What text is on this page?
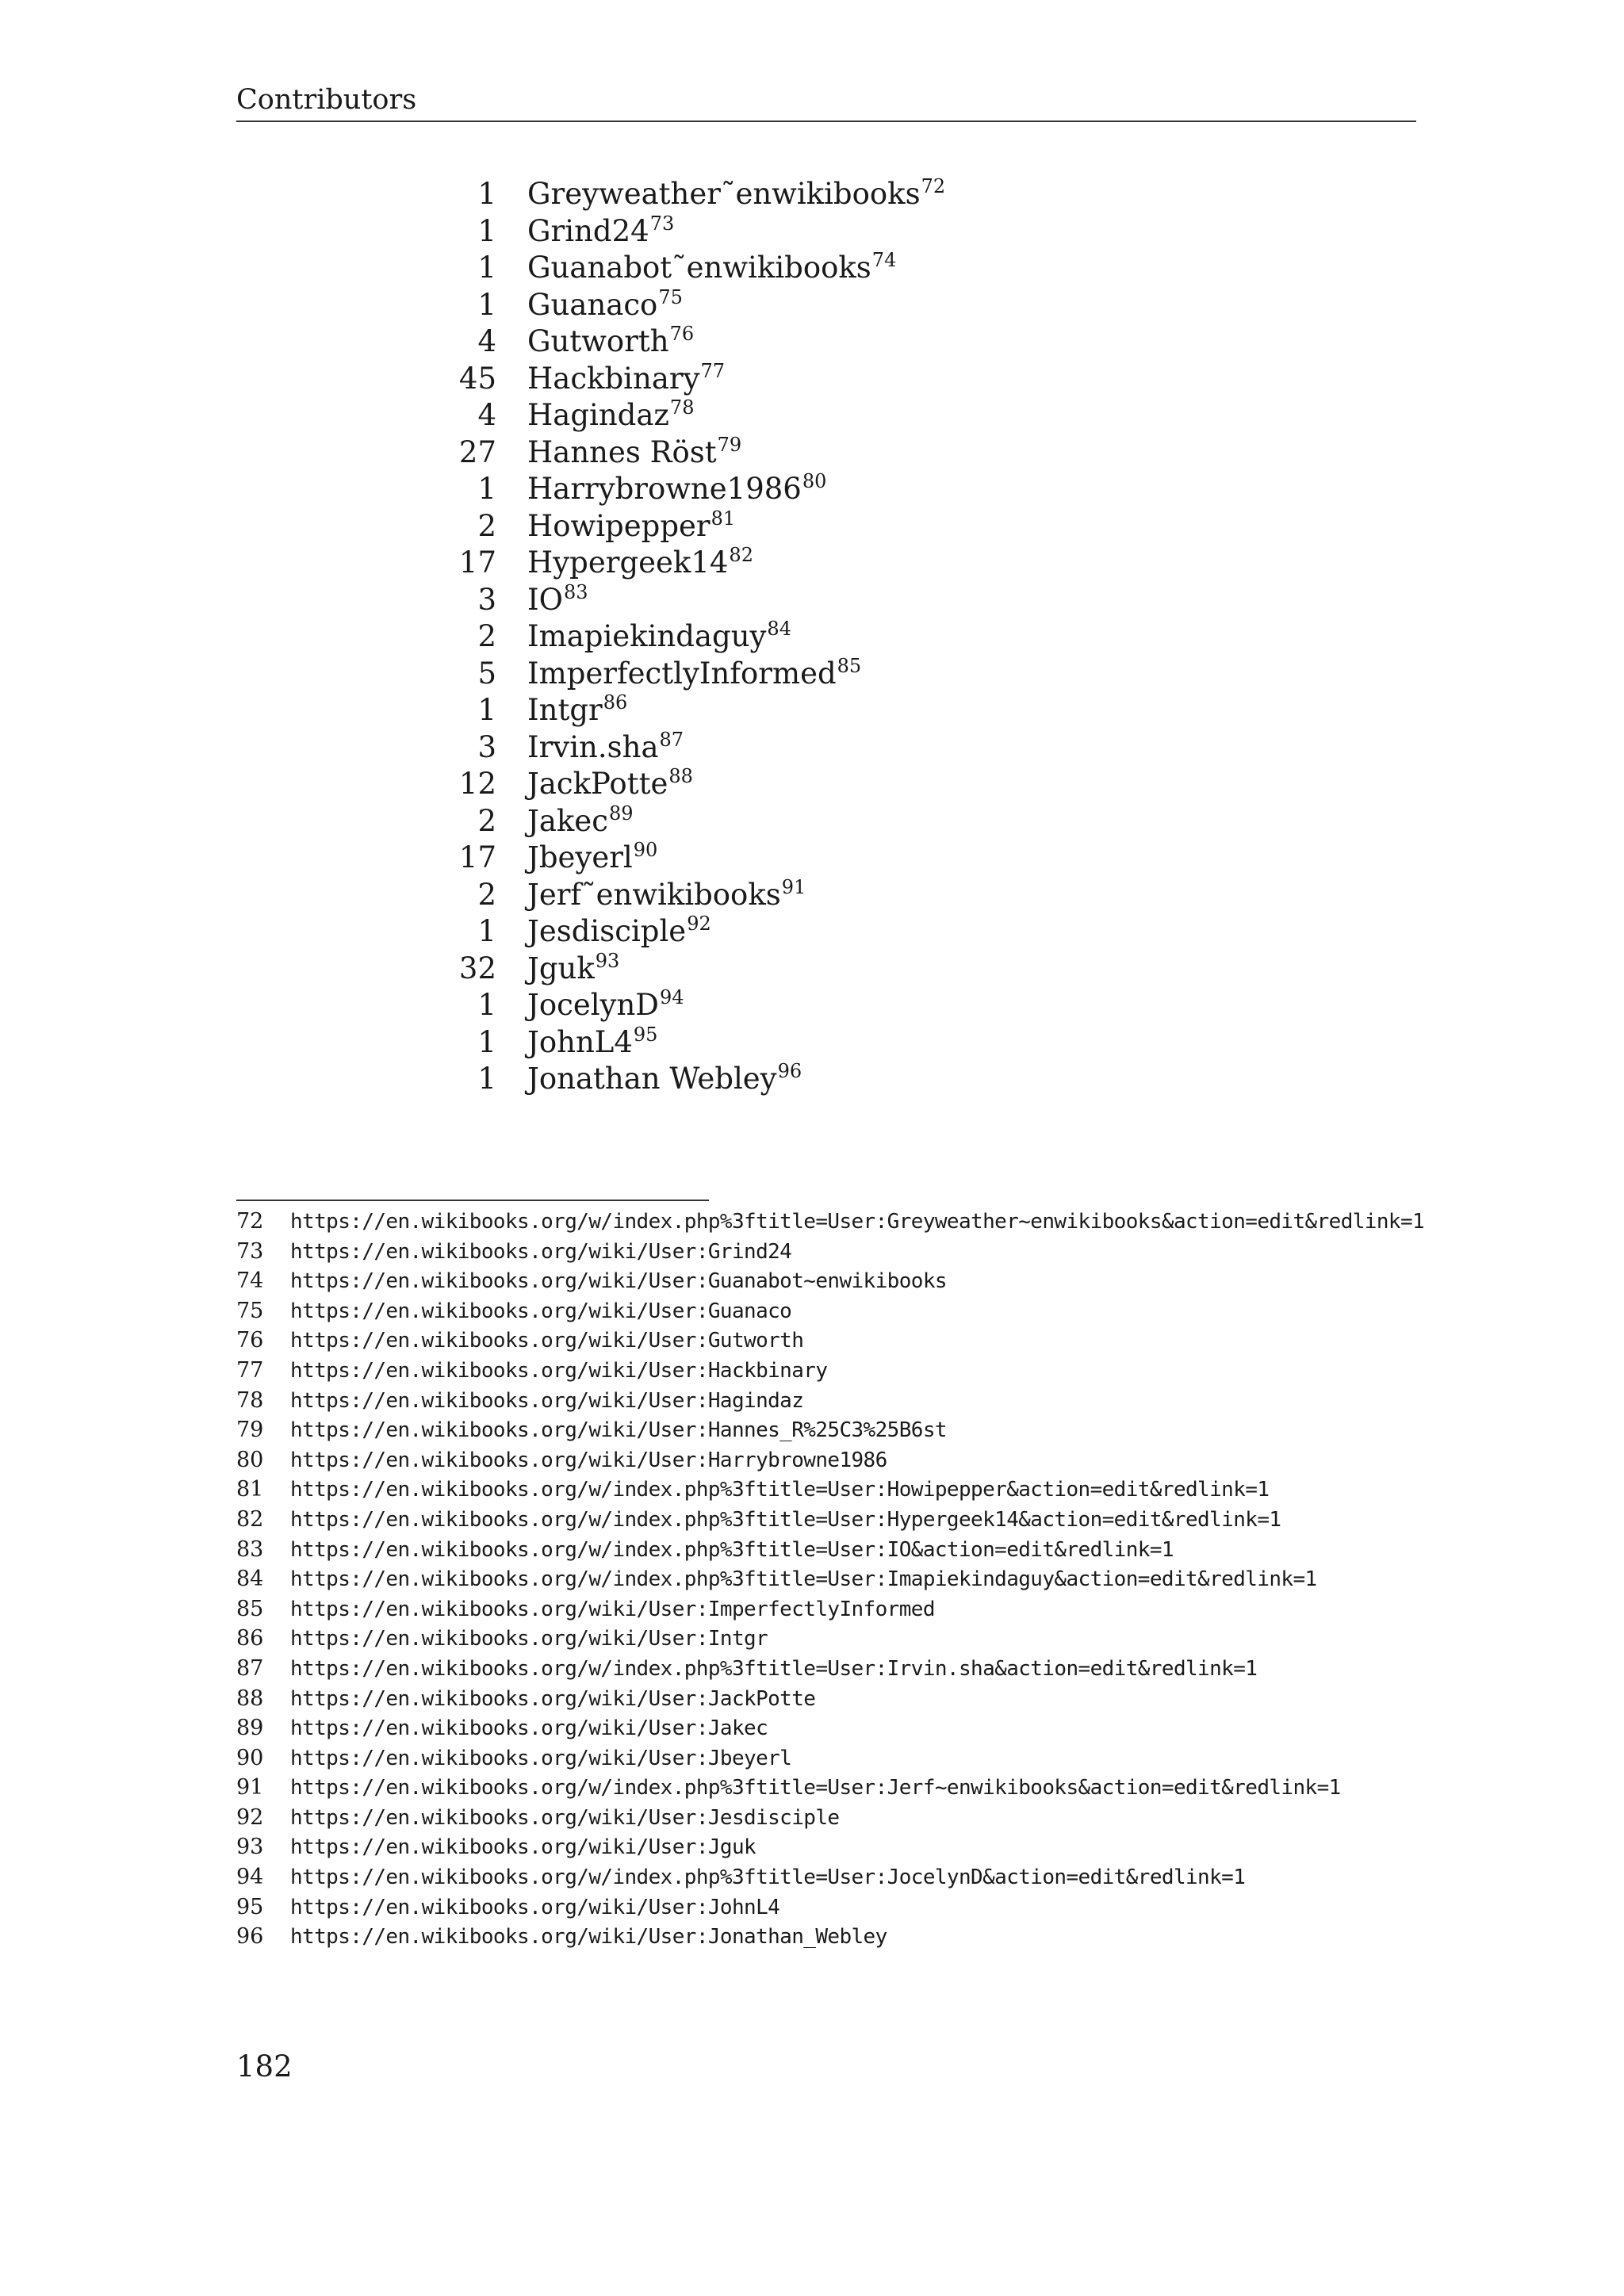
Contributors
1 Greyweather˜enwikibooks$^{72}$
1 $Grind24^{73}$
1 Guanabot˜enwikibooks$^{74}$
1 Guanaco$^{75}$
4 Gutworth$^{76}$
45 Hackbinary$^{77}$
4 Hagindaz$^{78}$
27 Hannes Röst$^{79}$
1 Harrybrowne1986$^{80}$
2 Howipepper$^{81}$
17 $Hypergeek14^{82}$
3 IO$^{83}$
2 Imapiekindaguy$^{84}$
5 ImperfectlyInformed$^{85}$
1 Intgr$^{86}$
3 Irvin.sha$^{87}$
12 JackPotte$^{88}$
2 Jakec$^{89}$
17 Jbeyerl$^{90}$
2 Jerf˜enwikibooks$^{91}$
1 Jesdisciple$^{92}$
32 Jguk$^{93}$
1 JocelynD$^{94}$
1 $JohnL4^{95}$
1 Jonathan Webley$^{96}$
72	https://en.wikibooks.org/w/index.php%3ftitle=User:Greyweather~enwikibooks&action=edit&redlink=1
73	https://en.wikibooks.org/wiki/User:Grind24
74	https://en.wikibooks.org/wiki/User:Guanabot~enwikibooks
75	https://en.wikibooks.org/wiki/User:Guanaco
76	https://en.wikibooks.org/wiki/User:Gutworth
77	https://en.wikibooks.org/wiki/User:Hackbinary
78	https://en.wikibooks.org/wiki/User:Hagindaz
79	https://en.wikibooks.org/wiki/User:Hannes_R%25C3%25B6st
80	https://en.wikibooks.org/wiki/User:Harrybrowne1986
81	https://en.wikibooks.org/w/index.php%3ftitle=User:Howipepper&action=edit&redlink=1
82	https://en.wikibooks.org/w/index.php%3ftitle=User:Hypergeek14&action=edit&redlink=1
83	https://en.wikibooks.org/w/index.php%3ftitle=User:IO&action=edit&redlink=1
84	https://en.wikibooks.org/w/index.php%3ftitle=User:Imapiekindaguy&action=edit&redlink=1
85	https://en.wikibooks.org/wiki/User:ImperfectlyInformed
86	https://en.wikibooks.org/wiki/User:Intgr
87	https://en.wikibooks.org/w/index.php%3ftitle=User:Irvin.sha&action=edit&redlink=1
88	https://en.wikibooks.org/wiki/User:JackPotte
89	https://en.wikibooks.org/wiki/User:Jakec
90	https://en.wikibooks.org/wiki/User:Jbeyerl
91	https://en.wikibooks.org/w/index.php%3ftitle=User:Jerf~enwikibooks&action=edit&redlink=1
92	https://en.wikibooks.org/wiki/User:Jesdisciple
93	https://en.wikibooks.org/wiki/User:Jguk
94	https://en.wikibooks.org/w/index.php%3ftitle=User:JocelynD&action=edit&redlink=1
95	https://en.wikibooks.org/wiki/User:JohnL4
96	https://en.wikibooks.org/wiki/User:Jonathan_Webley
182
